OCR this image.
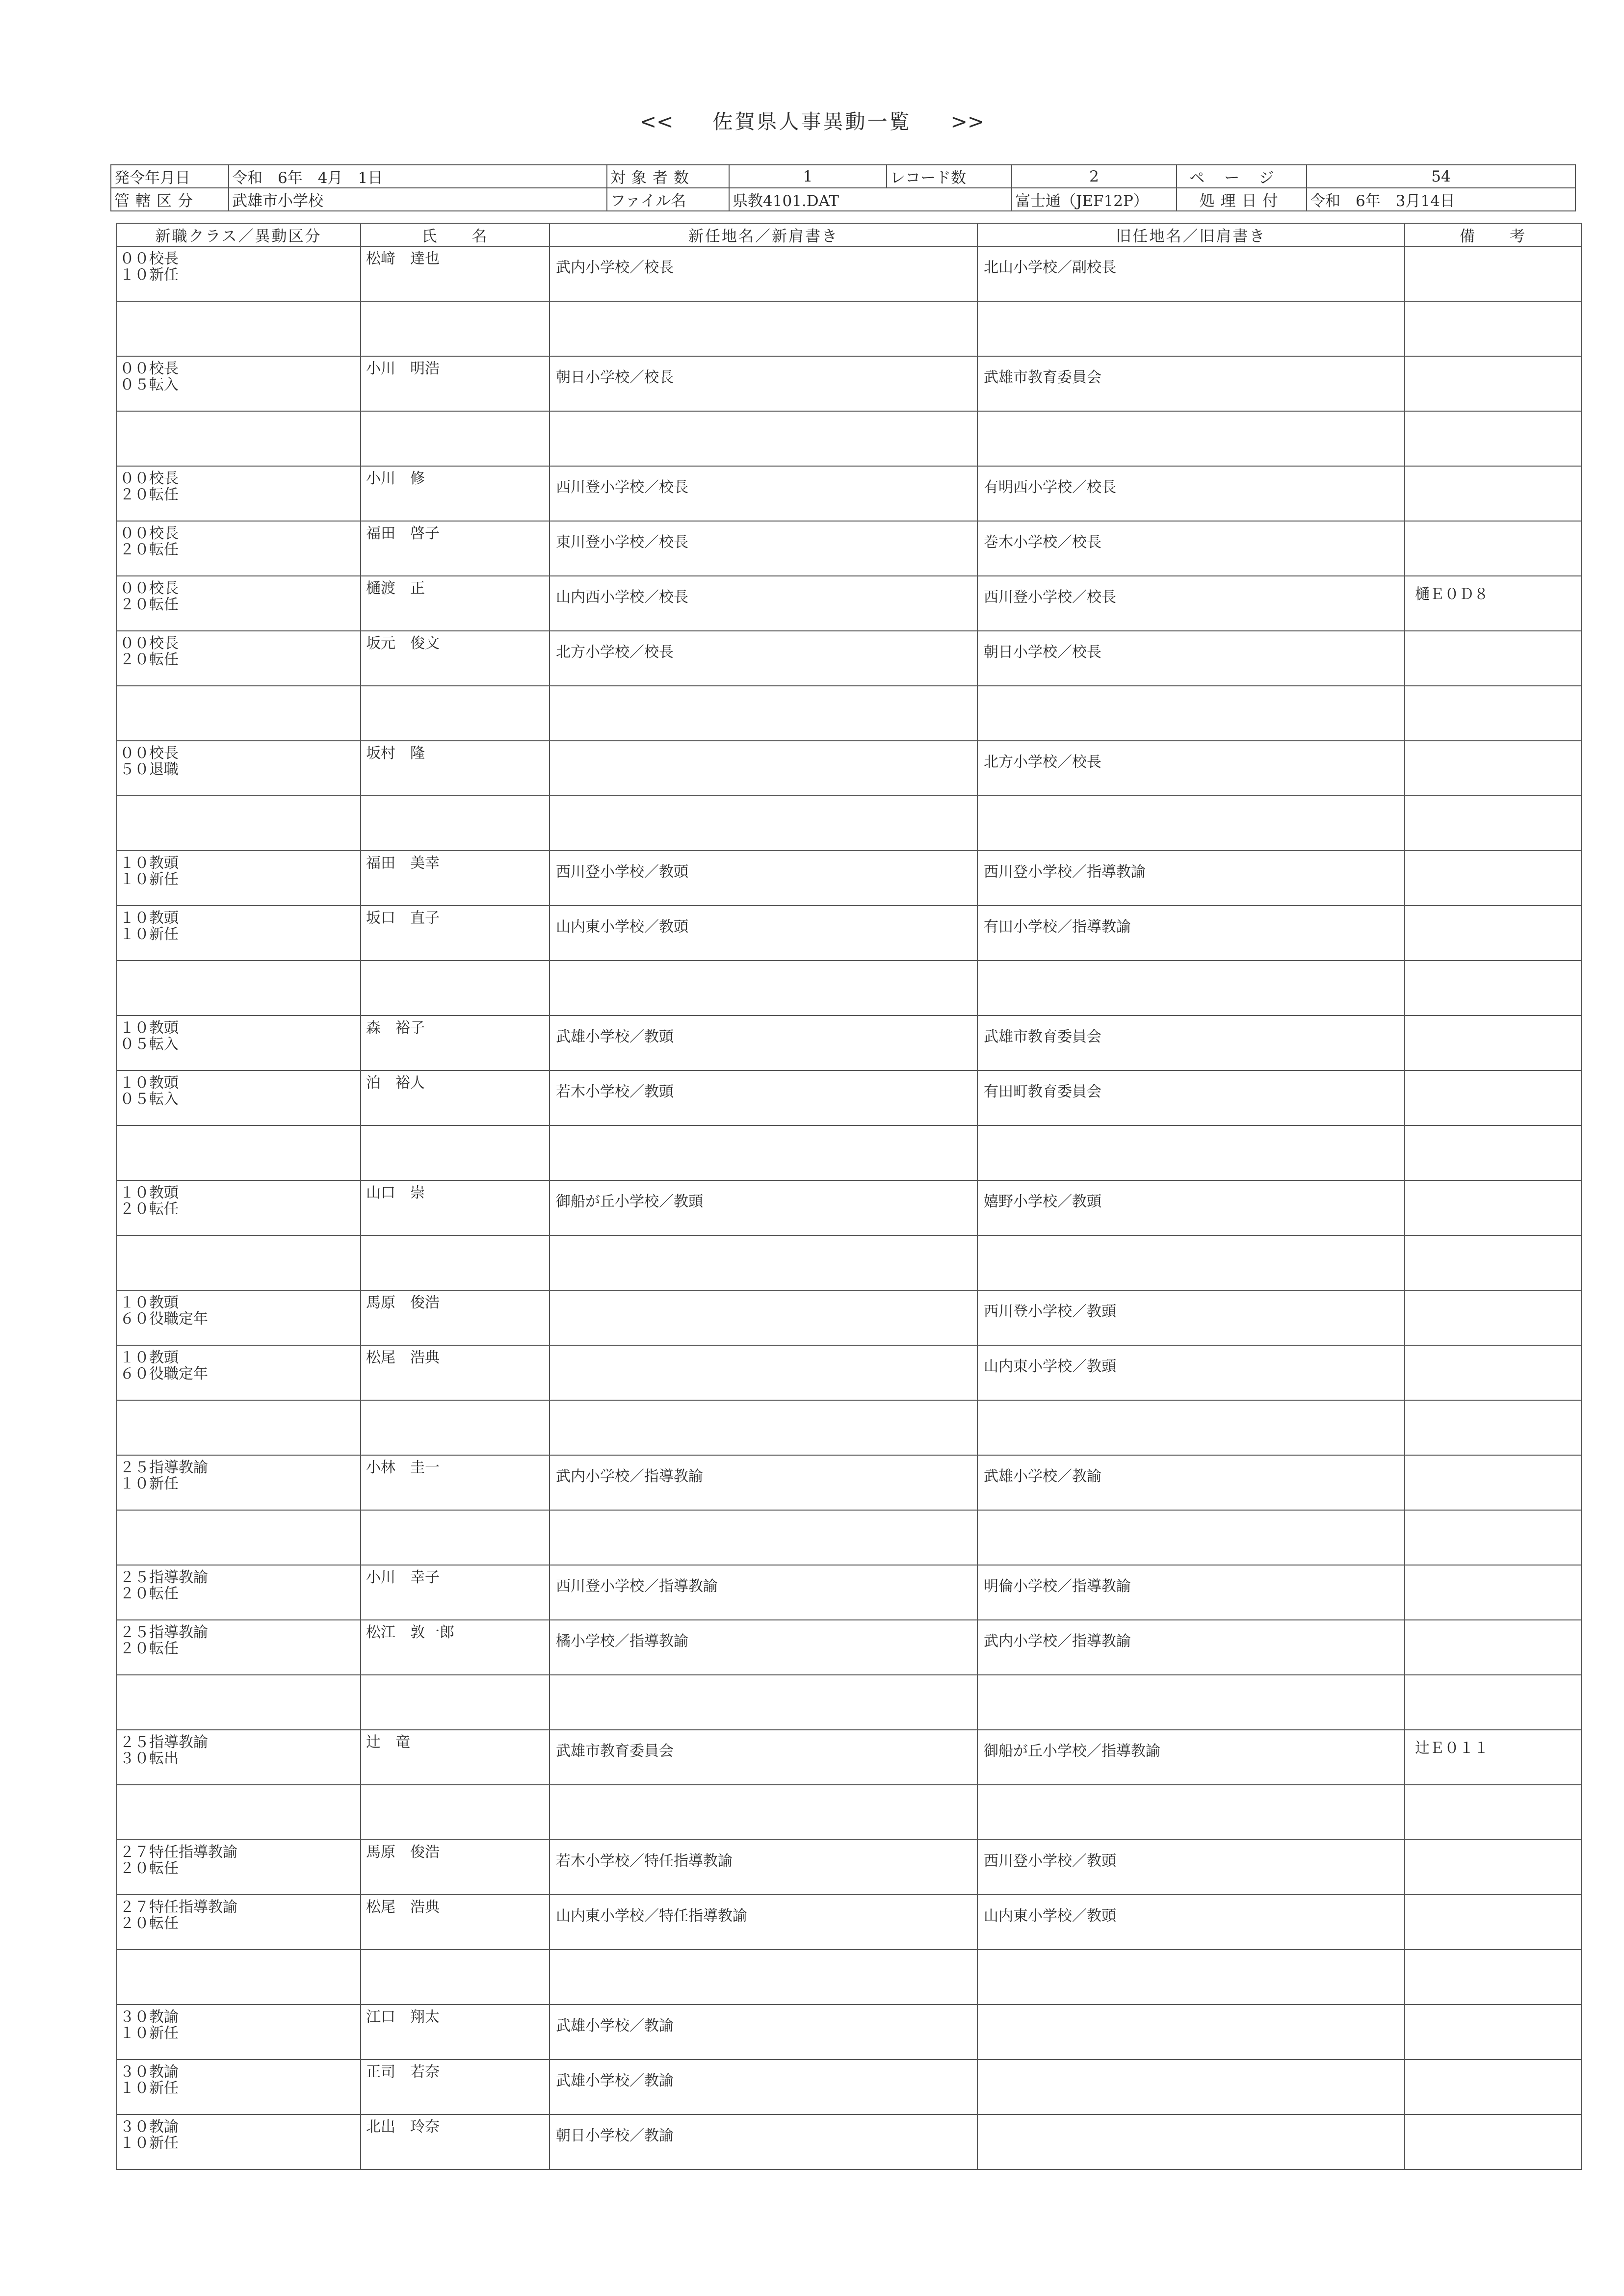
<< 佐賀県人事異動一覧 >>
発令年月日	令和　6年　4月　1日	対象者数	1	レコード数	2	ページ	54
管轄区分	武雄市小学校	ファイル名	県教4101.DAT		富士通（JEF12P）	処理日付	令和　6年　3月14日
新職クラス／異動区分	氏　　名	新任地名／新肩書き	旧任地名／旧肩書き	備　　考

００校長
１０新任	松﨑　達也	武内小学校／校長	北山小学校／副校長	

００校長
０５転入	小川　明浩	朝日小学校／校長	武雄市教育委員会	

００校長
２０転任	小川　修	西川登小学校／校長	有明西小学校／校長	

００校長
２０転任	福田　啓子	東川登小学校／校長	巻木小学校／校長	

００校長
２０転任	樋渡　正	山内西小学校／校長	西川登小学校／校長	樋Ｅ０Ｄ８

００校長
２０転任	坂元　俊文	北方小学校／校長	朝日小学校／校長	

００校長
５０退職	坂村　隆		北方小学校／校長	

１０教頭
１０新任	福田　美幸	西川登小学校／教頭	西川登小学校／指導教諭	

１０教頭
１０新任	坂口　直子	山内東小学校／教頭	有田小学校／指導教諭	

１０教頭
０５転入	森　裕子	武雄小学校／教頭	武雄市教育委員会	

１０教頭
０５転入	泊　裕人	若木小学校／教頭	有田町教育委員会	

１０教頭
２０転任	山口　崇	御船が丘小学校／教頭	嬉野小学校／教頭	

１０教頭
６０役職定年	馬原　俊浩		西川登小学校／教頭	

１０教頭
６０役職定年	松尾　浩典		山内東小学校／教頭	

２５指導教諭
１０新任	小林　圭一	武内小学校／指導教諭	武雄小学校／教諭	

２５指導教諭
２０転任	小川　幸子	西川登小学校／指導教諭	明倫小学校／指導教諭	

２５指導教諭
２０転任	松江　敦一郎	橘小学校／指導教諭	武内小学校／指導教諭	

２５指導教諭
３０転出	辻　竜	武雄市教育委員会	御船が丘小学校／指導教諭	辻Ｅ０１１

２７特任指導教諭
２０転任	馬原　俊浩	若木小学校／特任指導教諭	西川登小学校／教頭	

２７特任指導教諭
２０転任	松尾　浩典	山内東小学校／特任指導教諭	山内東小学校／教頭	

３０教諭
１０新任	江口　翔太	武雄小学校／教諭		

３０教諭
１０新任	正司　若奈	武雄小学校／教諭		

３０教諭
１０新任	北出　玲奈	朝日小学校／教諭		
